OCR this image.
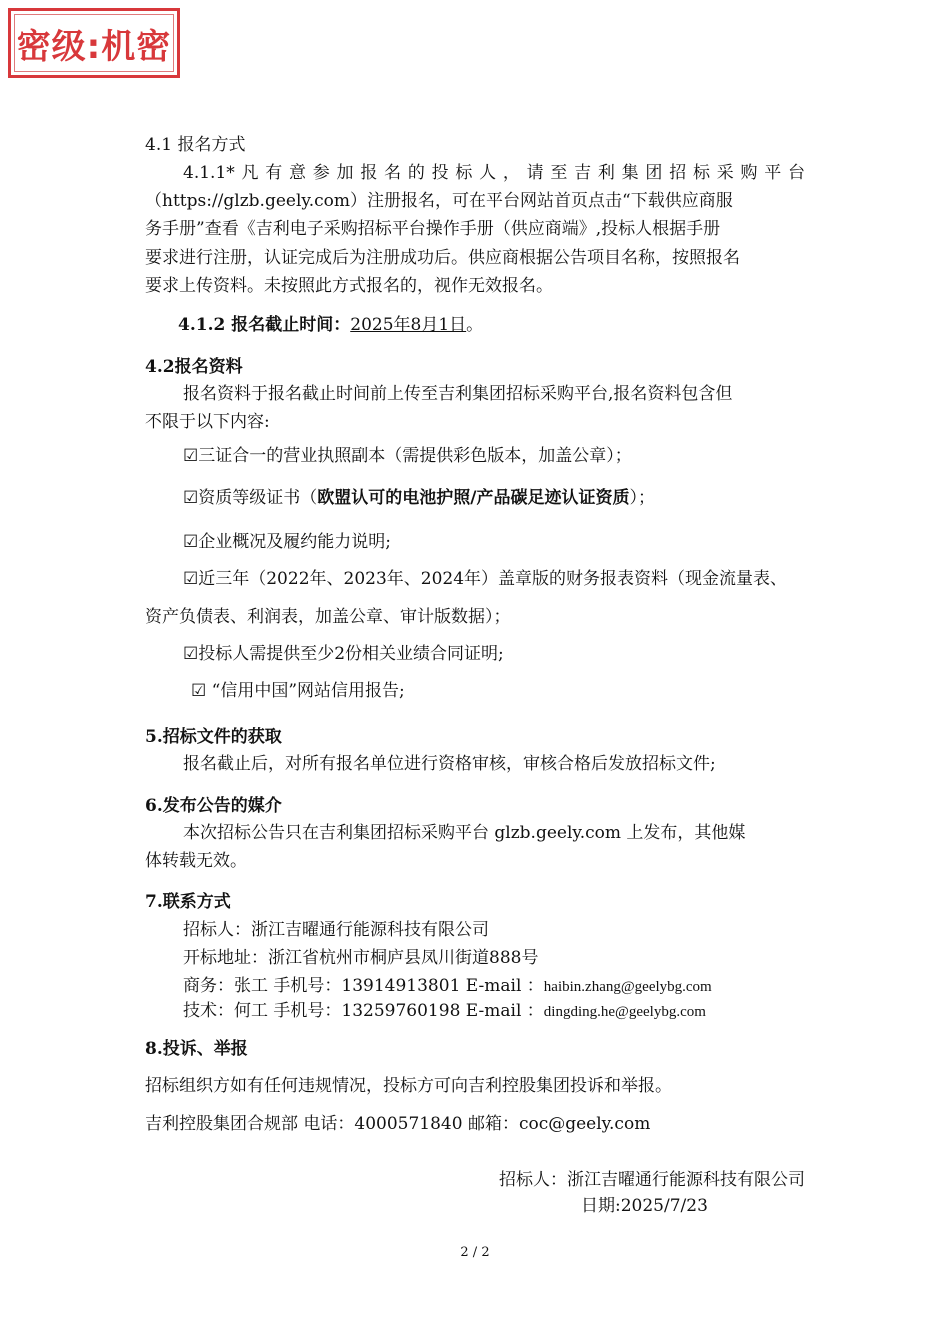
密级:机密
4.1 报名方式
4.1.1*凡有意参加报名的投标人，请至吉利集团招标采购平台
（https://glzb.geely.com）注册报名，可在平台网站首页点击“下载供应商服
务手册”查看《吉利电子采购招标平台操作手册（供应商端》,投标人根据手册
要求进行注册，认证完成后为注册成功后。供应商根据公告项目名称，按照报名
要求上传资料。未按照此方式报名的，视作无效报名。
4.1.2 报名截止时间：2025年8月1日。
4.2报名资料
报名资料于报名截止时间前上传至吉利集团招标采购平台,报名资料包含但
不限于以下内容:
☑三证合一的营业执照副本（需提供彩色版本，加盖公章）；
☑资质等级证书（欧盟认可的电池护照/产品碳足迹认证资质）；
☑企业概况及履约能力说明;
☑近三年（2022年、2023年、2024年）盖章版的财务报表资料（现金流量表、
资产负债表、利润表，加盖公章、审计版数据）；
☑投标人需提供至少2份相关业绩合同证明;
☑ “信用中国”网站信用报告;
5.招标文件的获取
报名截止后，对所有报名单位进行资格审核，审核合格后发放招标文件;
6.发布公告的媒介
本次招标公告只在吉利集团招标采购平台 glzb.geely.com 上发布，其他媒
体转载无效。
7.联系方式
招标人：浙江吉曜通行能源科技有限公司
开标地址：浙江省杭州市桐庐县凤川街道888号
商务：张工 手机号：13914913801 E-mail ：haibin.zhang@geelybg.com
技术：何工 手机号：13259760198 E-mail ：dingding.he@geelybg.com
8.投诉、举报
招标组织方如有任何违规情况，投标方可向吉利控股集团投诉和举报。
吉利控股集团合规部 电话：4000571840 邮箱：coc@geely.com
招标人：浙江吉曜通行能源科技有限公司
日期:2025/7/23
2 / 2
